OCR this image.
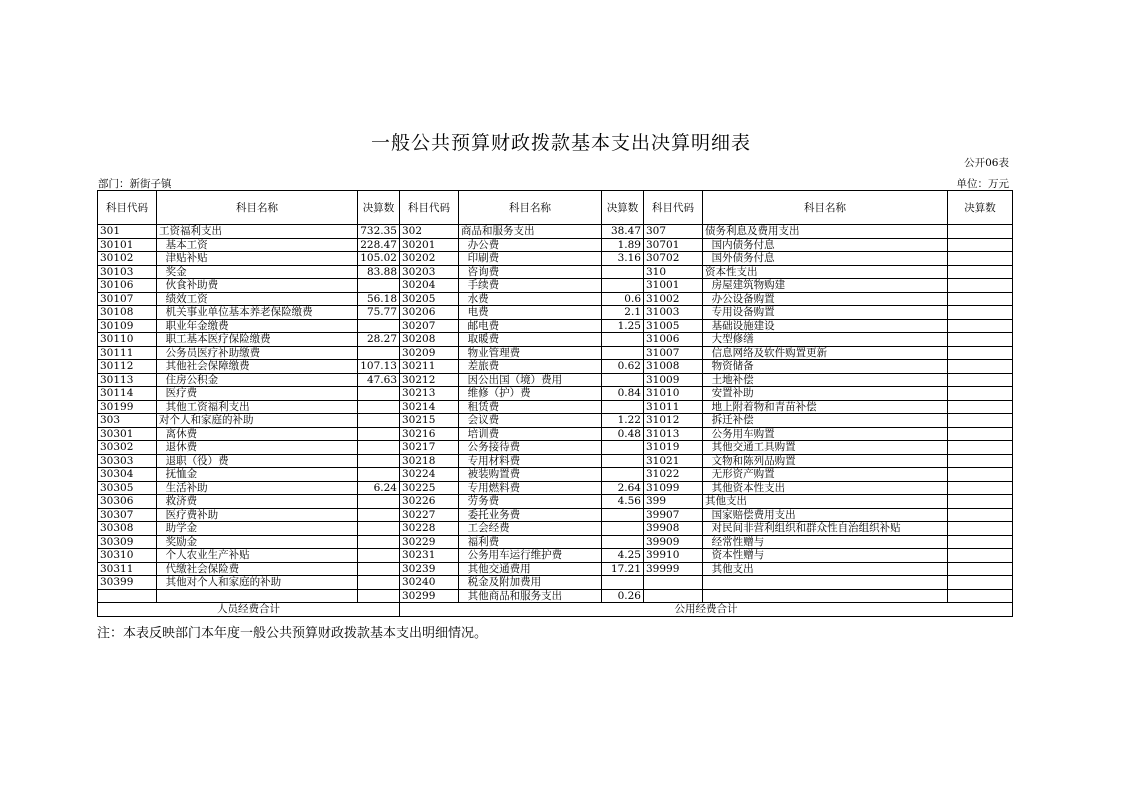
一般公共预算财政拨款基本支出决算明细表
公开06表
部门：新街子镇	单位：万元
科目代码	科目名称	决算数	科目代码	科目名称	决算数	科目代码	科目名称	决算数
301	工资福利支出	732.35	302	商品和服务支出	38.47	307	债务利息及费用支出	
30101	基本工资	228.47	30201	办公费	1.89	30701	国内债务付息	
30102	津贴补贴	105.02	30202	印刷费	3.16	30702	国外债务付息	
30103	奖金	83.88	30203	咨询费		310	资本性支出	
30106	伙食补助费		30204	手续费		31001	房屋建筑物购建	
30107	绩效工资	56.18	30205	水费	0.6	31002	办公设备购置	
30108	机关事业单位基本养老保险缴费	75.77	30206	电费	2.1	31003	专用设备购置	
30109	职业年金缴费		30207	邮电费	1.25	31005	基础设施建设	
30110	职工基本医疗保险缴费	28.27	30208	取暖费		31006	大型修缮	
30111	公务员医疗补助缴费		30209	物业管理费		31007	信息网络及软件购置更新	
30112	其他社会保障缴费	107.13	30211	差旅费	0.62	31008	物资储备	
30113	住房公积金	47.63	30212	因公出国（境）费用		31009	土地补偿	
30114	医疗费		30213	维修（护）费	0.84	31010	安置补助	
30199	其他工资福利支出		30214	租赁费		31011	地上附着物和青苗补偿	
303	对个人和家庭的补助		30215	会议费	1.22	31012	拆迁补偿	
30301	离休费		30216	培训费	0.48	31013	公务用车购置	
30302	退休费		30217	公务接待费		31019	其他交通工具购置	
30303	退职（役）费		30218	专用材料费		31021	文物和陈列品购置	
30304	抚恤金		30224	被装购置费		31022	无形资产购置	
30305	生活补助	6.24	30225	专用燃料费	2.64	31099	其他资本性支出	
30306	救济费		30226	劳务费	4.56	399	其他支出	
30307	医疗费补助		30227	委托业务费		39907	国家赔偿费用支出	
30308	助学金		30228	工会经费		39908	对民间非营利组织和群众性自治组织补贴	
30309	奖励金		30229	福利费		39909	经常性赠与	
30310	个人农业生产补贴		30231	公务用车运行维护费	4.25	39910	资本性赠与	
30311	代缴社会保险费		30239	其他交通费用	17.21	39999	其他支出	
30399	其他对个人和家庭的补助		30240	税金及附加费用				
			30299	其他商品和服务支出	0.26			
人员经费合计			公用经费合计					
注：本表反映部门本年度一般公共预算财政拨款基本支出明细情况。
